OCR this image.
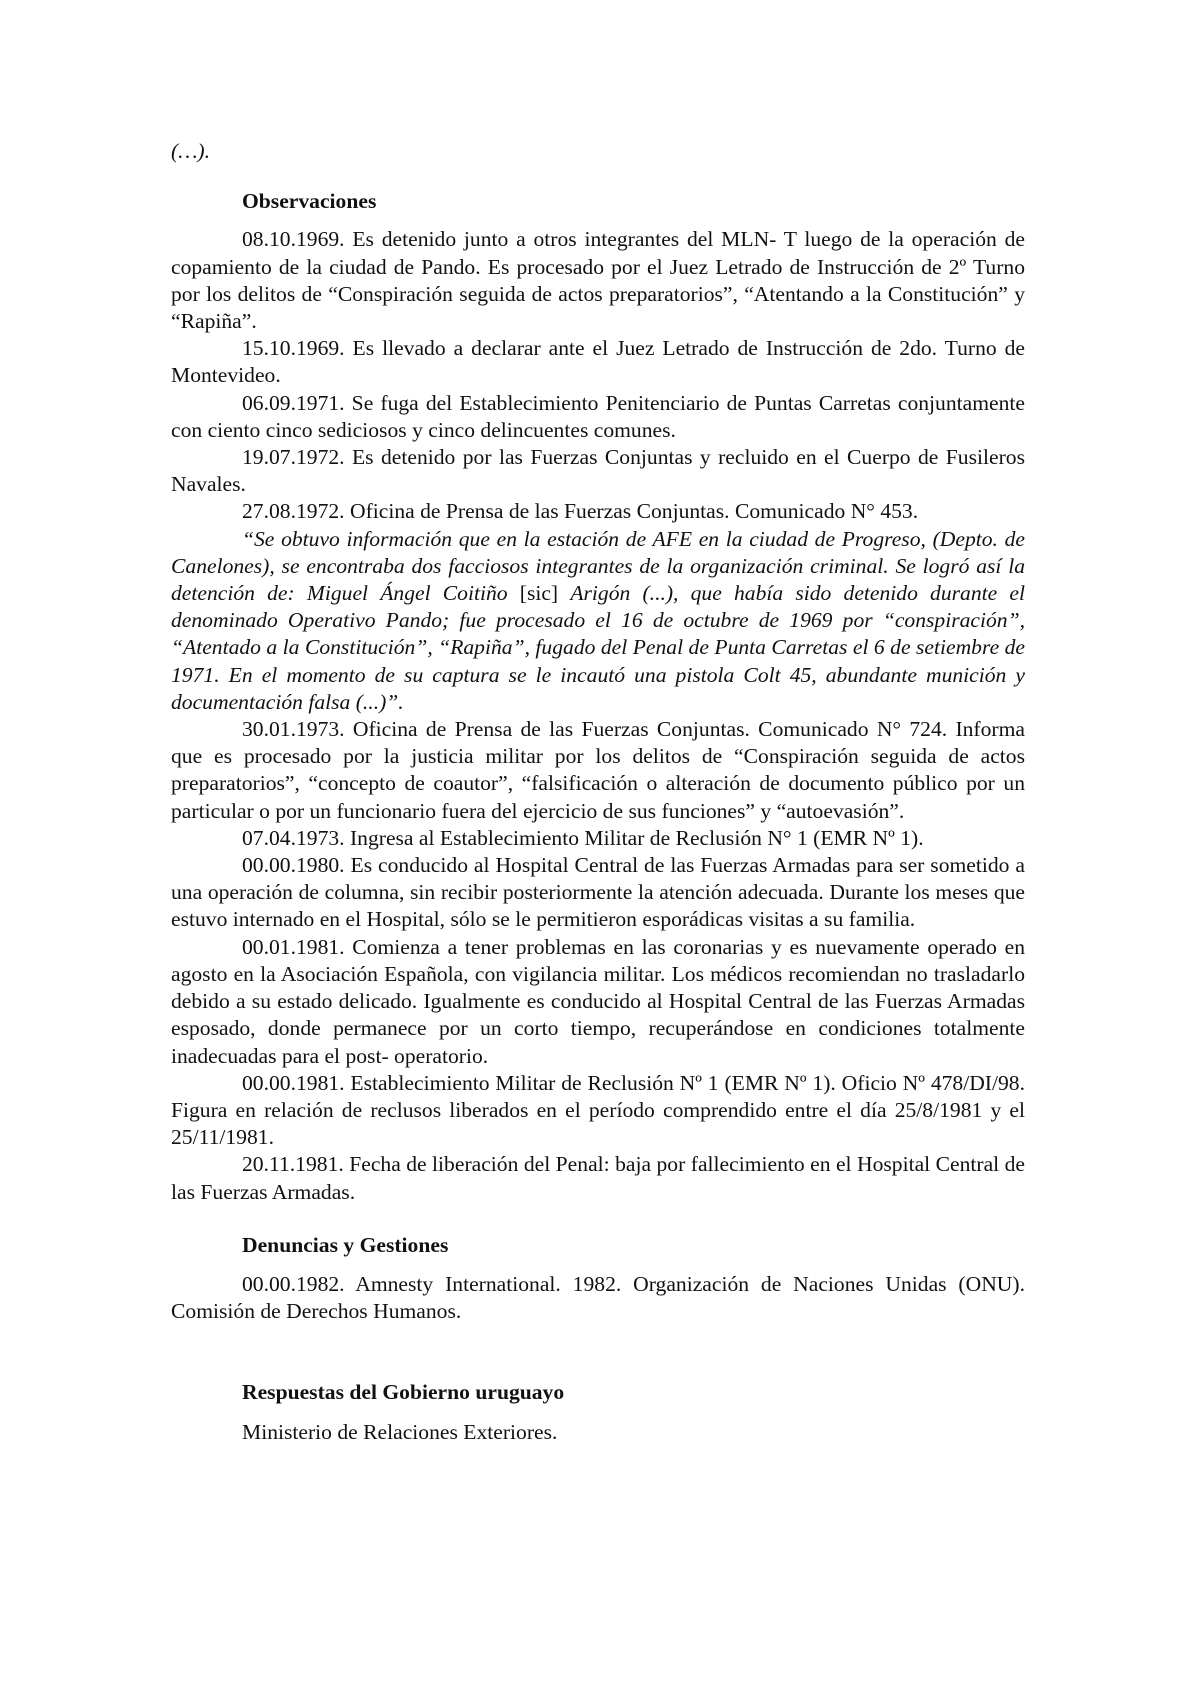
(…).

Observaciones

08.10.1969. Es detenido junto a otros integrantes del MLN- T luego de la operación de copamiento de la ciudad de Pando. Es procesado por el Juez Letrado de Instrucción de 2º Turno por los delitos de “Conspiración seguida de actos preparatorios”, “Atentando a la Constitución” y “Rapiña”.

15.10.1969. Es llevado a declarar ante el Juez Letrado de Instrucción de 2do. Turno de Montevideo.

06.09.1971. Se fuga del Establecimiento Penitenciario de Puntas Carretas conjuntamente con ciento cinco sediciosos y cinco delincuentes comunes.

19.07.1972. Es detenido por las Fuerzas Conjuntas y recluido en el Cuerpo de Fusileros Navales.

27.08.1972. Oficina de Prensa de las Fuerzas Conjuntas. Comunicado N° 453.

“Se obtuvo información que en la estación de AFE en la ciudad de Progreso, (Depto. de Canelones), se encontraba dos facciosos integrantes de la organización criminal. Se logró así la detención de: Miguel Ángel Coitiño [sic] Arigón (...), que había sido detenido durante el denominado Operativo Pando; fue procesado el 16 de octubre de 1969 por “conspiración”, “Atentado a la Constitución”, “Rapiña”, fugado del Penal de Punta Carretas el 6 de setiembre de 1971. En el momento de su captura se le incautó una pistola Colt 45, abundante munición y documentación falsa (...)”.

30.01.1973. Oficina de Prensa de las Fuerzas Conjuntas. Comunicado N° 724. Informa que es procesado por la justicia militar por los delitos de “Conspiración seguida de actos preparatorios”, “concepto de coautor”, “falsificación o alteración de documento público por un particular o por un funcionario fuera del ejercicio de sus funciones” y “autoevasión”.

07.04.1973. Ingresa al Establecimiento Militar de Reclusión N° 1 (EMR Nº 1).

00.00.1980. Es conducido al Hospital Central de las Fuerzas Armadas para ser sometido a una operación de columna, sin recibir posteriormente la atención adecuada. Durante los meses que estuvo internado en el Hospital, sólo se le permitieron esporádicas visitas a su familia.

00.01.1981. Comienza a tener problemas en las coronarias y es nuevamente operado en agosto en la Asociación Española, con vigilancia militar. Los médicos recomiendan no trasladarlo debido a su estado delicado. Igualmente es conducido al Hospital Central de las Fuerzas Armadas esposado, donde permanece por un corto tiempo, recuperándose en condiciones totalmente inadecuadas para el post- operatorio.

00.00.1981. Establecimiento Militar de Reclusión Nº 1 (EMR Nº 1). Oficio Nº 478/DI/98. Figura en relación de reclusos liberados en el período comprendido entre el día 25/8/1981 y el 25/11/1981.

20.11.1981. Fecha de liberación del Penal: baja por fallecimiento en el Hospital Central de las Fuerzas Armadas.

Denuncias y Gestiones

00.00.1982. Amnesty International. 1982. Organización de Naciones Unidas (ONU). Comisión de Derechos Humanos.

Respuestas del Gobierno uruguayo

Ministerio de Relaciones Exteriores.
